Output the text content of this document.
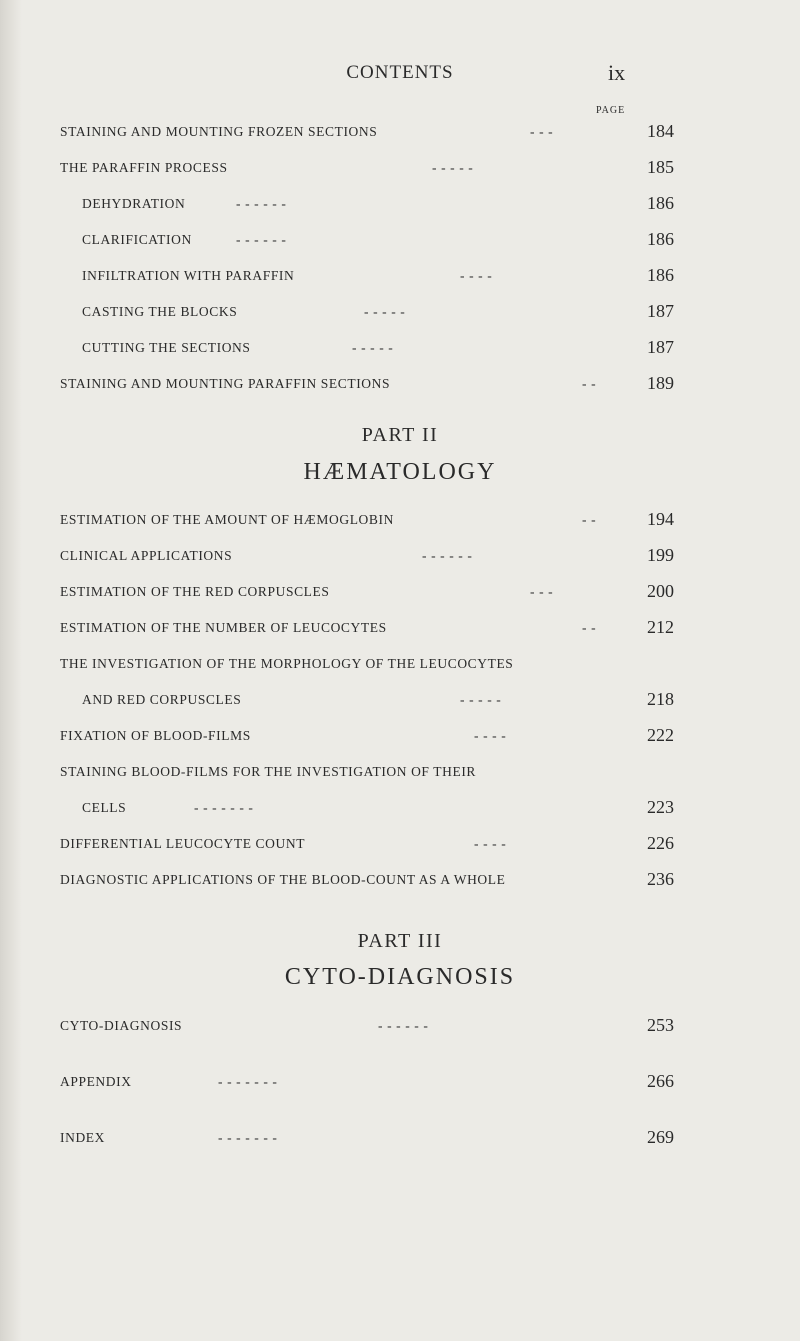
CONTENTS	ix
PAGE
STAINING AND MOUNTING FROZEN SECTIONS	- - -	184
THE PARAFFIN PROCESS	- - - - -	185
DEHYDRATION	- - - - - -	186
CLARIFICATION	- - - - - -	186
INFILTRATION WITH PARAFFIN	- - - -	186
CASTING THE BLOCKS	- - - - -	187
CUTTING THE SECTIONS	- - - - -	187
STAINING AND MOUNTING PARAFFIN SECTIONS	- -	189
PART II
HÆMATOLOGY
ESTIMATION OF THE AMOUNT OF HÆMOGLOBIN	- -	194
CLINICAL APPLICATIONS	- - - - - -	199
ESTIMATION OF THE RED CORPUSCLES	- - -	200
ESTIMATION OF THE NUMBER OF LEUCOCYTES	- -	212
THE INVESTIGATION OF THE MORPHOLOGY OF THE LEUCOCYTES
AND RED CORPUSCLES	- - - - -	218
FIXATION OF BLOOD-FILMS	- - - -	222
STAINING BLOOD-FILMS FOR THE INVESTIGATION OF THEIR
CELLS	- - - - - - -	223
DIFFERENTIAL LEUCOCYTE COUNT	- - - -	226
DIAGNOSTIC APPLICATIONS OF THE BLOOD-COUNT AS A WHOLE	236
PART III
CYTO-DIAGNOSIS
CYTO-DIAGNOSIS	- - - - - -	253
APPENDIX	- - - - - - -	266
INDEX	- - - - - - -	269
